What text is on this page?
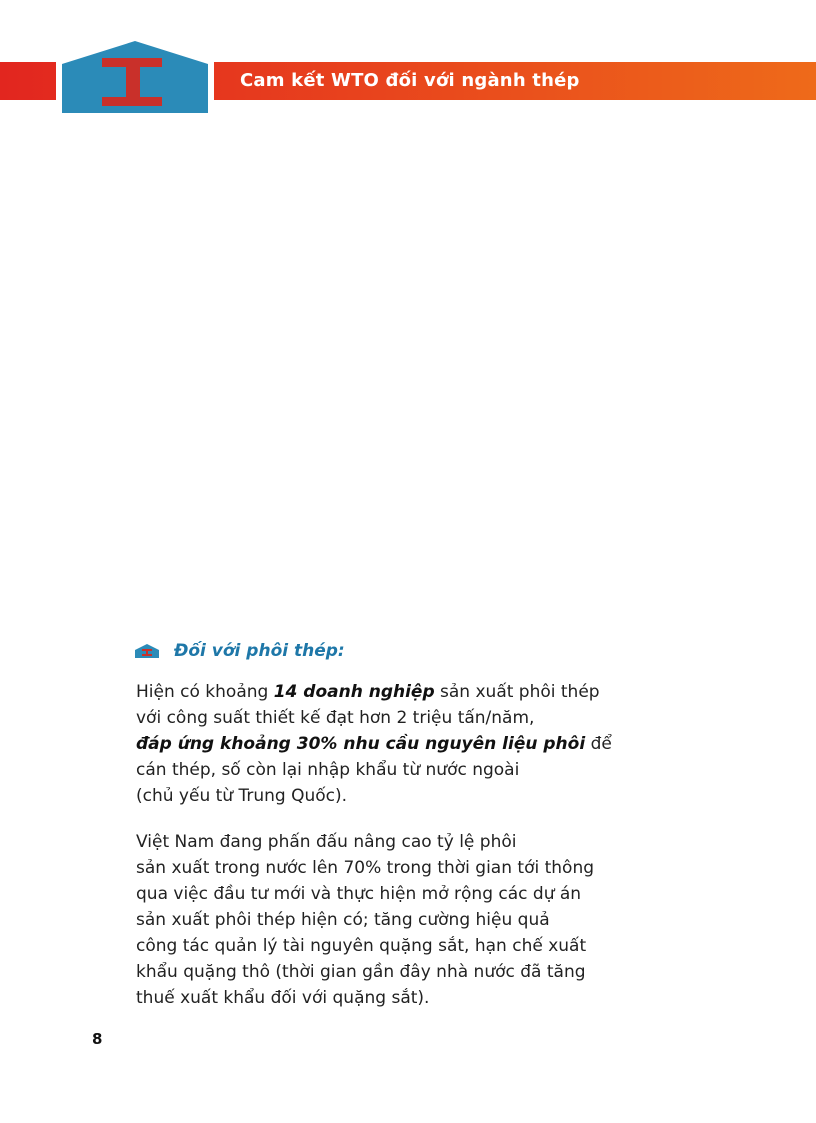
Cam kết WTO đối với ngành thép
Đối với phôi thép:
Hiện có khoảng 14 doanh nghiệp sản xuất phôi thép
với công suất thiết kế đạt hơn 2 triệu tấn/năm,
đáp ứng khoảng 30% nhu cầu nguyên liệu phôi để
cán thép, số còn lại nhập khẩu từ nước ngoài
(chủ yếu từ Trung Quốc).
Việt Nam đang phấn đấu nâng cao tỷ lệ phôi
sản xuất trong nước lên 70% trong thời gian tới thông
qua việc đầu tư mới và thực hiện mở rộng các dự án
sản xuất phôi thép hiện có; tăng cường hiệu quả
công tác quản lý tài nguyên quặng sắt, hạn chế xuất
khẩu quặng thô (thời gian gần đây nhà nước đã tăng
thuế xuất khẩu đối với quặng sắt).
8
